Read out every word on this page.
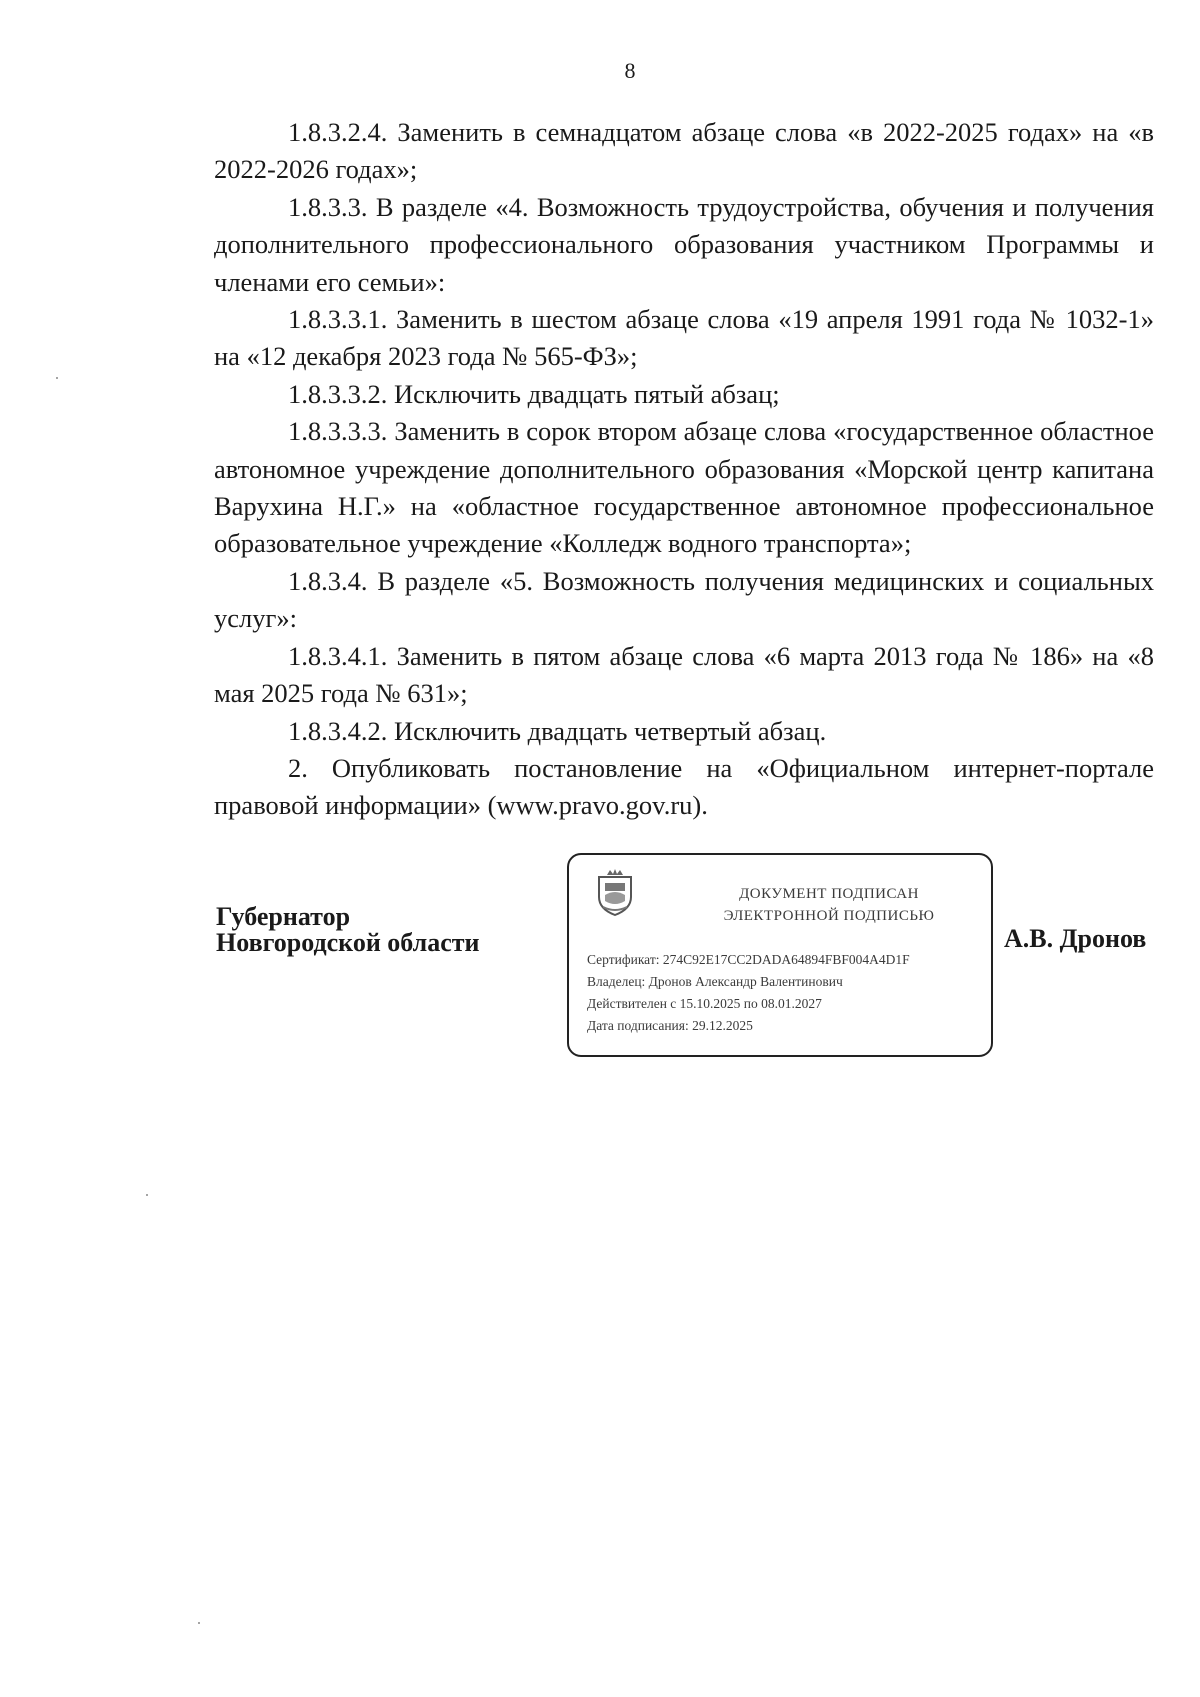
8

1.8.3.2.4. Заменить в семнадцатом абзаце слова «в 2022-2025 годах» на «в 2022-2026 годах»;

1.8.3.3. В разделе «4. Возможность трудоустройства, обучения и получения дополнительного профессионального образования участником Программы и членами его семьи»:

1.8.3.3.1. Заменить в шестом абзаце слова «19 апреля 1991 года № 1032-1» на «12 декабря 2023 года № 565-ФЗ»;

1.8.3.3.2. Исключить двадцать пятый абзац;

1.8.3.3.3. Заменить в сорок втором абзаце слова «государственное областное автономное учреждение дополнительного образования «Морской центр капитана Варухина Н.Г.» на «областное государственное автономное профессиональное образовательное учреждение «Колледж водного транспорта»;

1.8.3.4. В разделе «5. Возможность получения медицинских и социальных услуг»:

1.8.3.4.1. Заменить в пятом абзаце слова «6 марта 2013 года № 186» на «8 мая 2025 года № 631»;

1.8.3.4.2. Исключить двадцать четвертый абзац.

2. Опубликовать постановление на «Официальном интернет-портале правовой информации» (www.pravo.gov.ru).

Губернатор
Новгородской области
ДОКУМЕНТ ПОДПИСАН
ЭЛЕКТРОННОЙ ПОДПИСЬЮ
Сертификат: 274C92E17CC2DADA64894FBF004A4D1F
Владелец: Дронов Александр Валентинович
Действителен с 15.10.2025 по 08.01.2027
Дата подписания: 29.12.2025
А.В. Дронов
